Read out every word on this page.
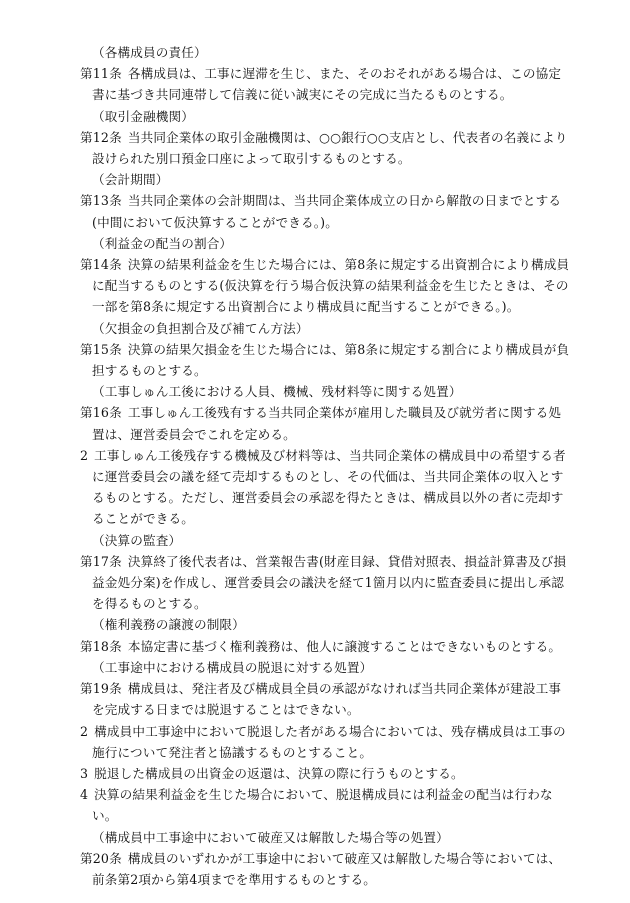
（各構成員の責任）
第11条 各構成員は、工事に遅滞を生じ、また、そのおそれがある場合は、この協定書に基づき共同連帯して信義に従い誠実にその完成に当たるものとする。
（取引金融機関）
第12条 当共同企業体の取引金融機関は、○○銀行○○支店とし、代表者の名義により設けられた別口預金口座によって取引するものとする。
（会計期間）
第13条 当共同企業体の会計期間は、当共同企業体成立の日から解散の日までとする(中間において仮決算することができる。)。
（利益金の配当の割合）
第14条 決算の結果利益金を生じた場合には、第8条に規定する出資割合により構成員に配当するものとする(仮決算を行う場合仮決算の結果利益金を生じたときは、その一部を第8条に規定する出資割合により構成員に配当することができる。)。
（欠損金の負担割合及び補てん方法）
第15条 決算の結果欠損金を生じた場合には、第8条に規定する割合により構成員が負担するものとする。
（工事しゅん工後における人員、機械、残材料等に関する処置）
第16条 工事しゅん工後残有する当共同企業体が雇用した職員及び就労者に関する処置は、運営委員会でこれを定める。
2 工事しゅん工後残存する機械及び材料等は、当共同企業体の構成員中の希望する者に運営委員会の議を経て売却するものとし、その代価は、当共同企業体の収入とするものとする。ただし、運営委員会の承認を得たときは、構成員以外の者に売却することができる。
（決算の監査）
第17条 決算終了後代表者は、営業報告書(財産目録、貸借対照表、損益計算書及び損益金処分案)を作成し、運営委員会の議決を経て1箇月以内に監査委員に提出し承認を得るものとする。
（権利義務の譲渡の制限）
第18条 本協定書に基づく権利義務は、他人に譲渡することはできないものとする。
（工事途中における構成員の脱退に対する処置）
第19条 構成員は、発注者及び構成員全員の承認がなければ当共同企業体が建設工事を完成する日までは脱退することはできない。
2 構成員中工事途中において脱退した者がある場合においては、残存構成員は工事の施行について発注者と協議するものとすること。
3 脱退した構成員の出資金の返還は、決算の際に行うものとする。
4 決算の結果利益金を生じた場合において、脱退構成員には利益金の配当は行わない。
（構成員中工事途中において破産又は解散した場合等の処置）
第20条 構成員のいずれかが工事途中において破産又は解散した場合等においては、前条第2項から第4項までを準用するものとする。
